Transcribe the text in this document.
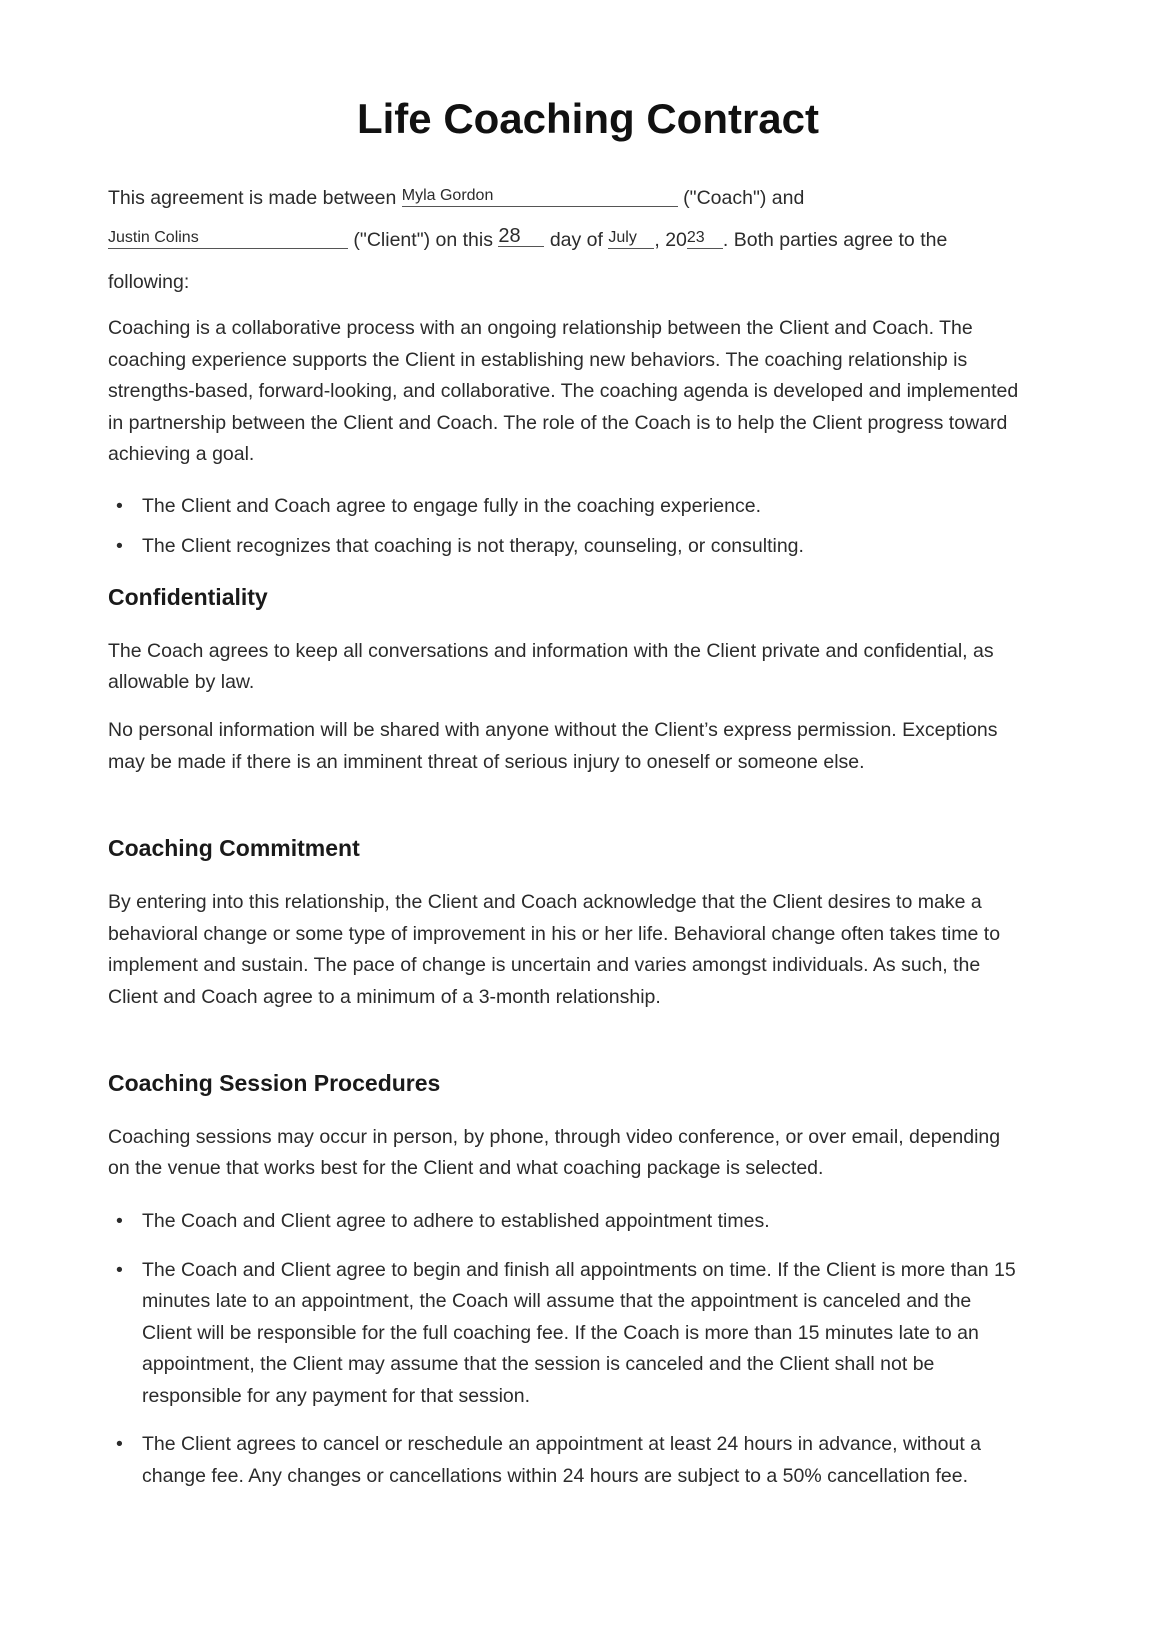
Life Coaching Contract
This agreement is made between Myla Gordon	("Coach") and
Justin Colins	("Client") on this 28 day of July , 2023 . Both parties agree to the
following:

Coaching is a collaborative process with an ongoing relationship between the Client and Coach. The coaching experience supports the Client in establishing new behaviors. The coaching relationship is strengths-based, forward-looking, and collaborative. The coaching agenda is developed and implemented in partnership between the Client and Coach. The role of the Coach is to help the Client progress toward achieving a goal.

• The Client and Coach agree to engage fully in the coaching experience.
• The Client recognizes that coaching is not therapy, counseling, or consulting.
Confidentiality

The Coach agrees to keep all conversations and information with the Client private and confidential, as allowable by law.

No personal information will be shared with anyone without the Client’s express permission. Exceptions may be made if there is an imminent threat of serious injury to oneself or someone else.

Coaching Commitment

By entering into this relationship, the Client and Coach acknowledge that the Client desires to make a behavioral change or some type of improvement in his or her life. Behavioral change often takes time to implement and sustain. The pace of change is uncertain and varies amongst individuals. As such, the Client and Coach agree to a minimum of a 3-month relationship.

Coaching Session Procedures

Coaching sessions may occur in person, by phone, through video conference, or over email, depending on the venue that works best for the Client and what coaching package is selected.

• The Coach and Client agree to adhere to established appointment times.
• The Coach and Client agree to begin and finish all appointments on time. If the Client is more than 15 minutes late to an appointment, the Coach will assume that the appointment is canceled and the Client will be responsible for the full coaching fee. If the Coach is more than 15 minutes late to an appointment, the Client may assume that the session is canceled and the Client shall not be responsible for any payment for that session.
• The Client agrees to cancel or reschedule an appointment at least 24 hours in advance, without a change fee. Any changes or cancellations within 24 hours are subject to a 50% cancellation fee.
